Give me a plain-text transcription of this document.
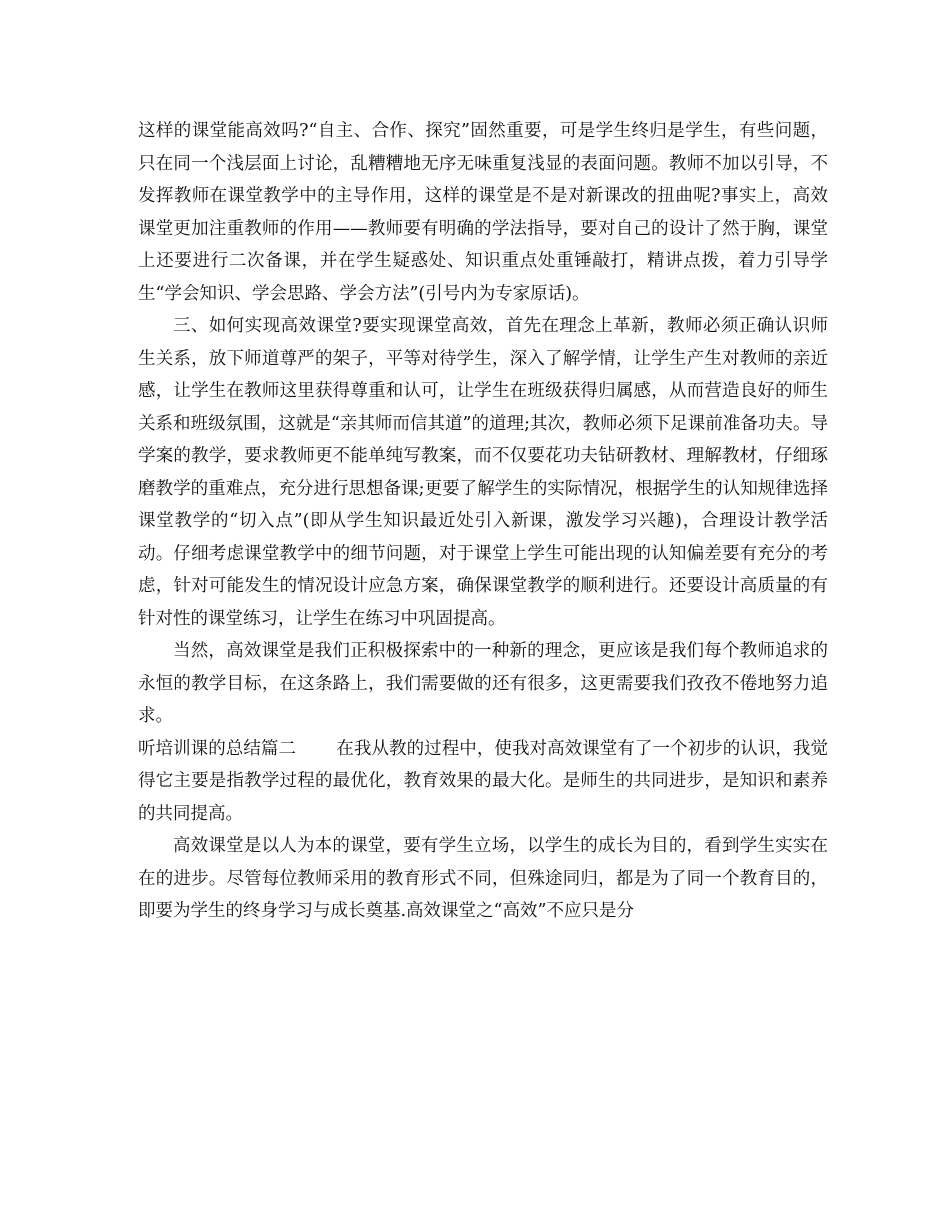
这样的课堂能高效吗?“自主、合作、探究”固然重要，可是学生终归是学生，有些问题，只在同一个浅层面上讨论，乱糟糟地无序无味重复浅显的表面问题。教师不加以引导，不发挥教师在课堂教学中的主导作用，这样的课堂是不是对新课改的扭曲呢?事实上，高效课堂更加注重教师的作用——教师要有明确的学法指导，要对自己的设计了然于胸，课堂上还要进行二次备课，并在学生疑惑处、知识重点处重锤敲打，精讲点拨，着力引导学生“学会知识、学会思路、学会方法”(引号内为专家原话)。

三、如何实现高效课堂?要实现课堂高效，首先在理念上革新，教师必须正确认识师生关系，放下师道尊严的架子，平等对待学生，深入了解学情，让学生产生对教师的亲近感，让学生在教师这里获得尊重和认可，让学生在班级获得归属感，从而营造良好的师生关系和班级氛围，这就是“亲其师而信其道”的道理;其次，教师必须下足课前准备功夫。导学案的教学，要求教师更不能单纯写教案，而不仅要花功夫钻研教材、理解教材，仔细琢磨教学的重难点，充分进行思想备课;更要了解学生的实际情况，根据学生的认知规律选择课堂教学的“切入点”(即从学生知识最近处引入新课，激发学习兴趣)，合理设计教学活动。仔细考虑课堂教学中的细节问题，对于课堂上学生可能出现的认知偏差要有充分的考虑，针对可能发生的情况设计应急方案，确保课堂教学的顺利进行。还要设计高质量的有针对性的课堂练习，让学生在练习中巩固提高。

当然，高效课堂是我们正积极探索中的一种新的理念，更应该是我们每个教师追求的永恒的教学目标，在这条路上，我们需要做的还有很多，这更需要我们孜孜不倦地努力追求。

听培训课的总结篇二 在我从教的过程中，使我对高效课堂有了一个初步的认识，我觉得它主要是指教学过程的最优化，教育效果的最大化。是师生的共同进步，是知识和素养的共同提高。

高效课堂是以人为本的课堂，要有学生立场，以学生的成长为目的，看到学生实实在在的进步。尽管每位教师采用的教育形式不同，但殊途同归，都是为了同一个教育目的，即要为学生的终身学习与成长奠基.高效课堂之“高效”不应只是分
